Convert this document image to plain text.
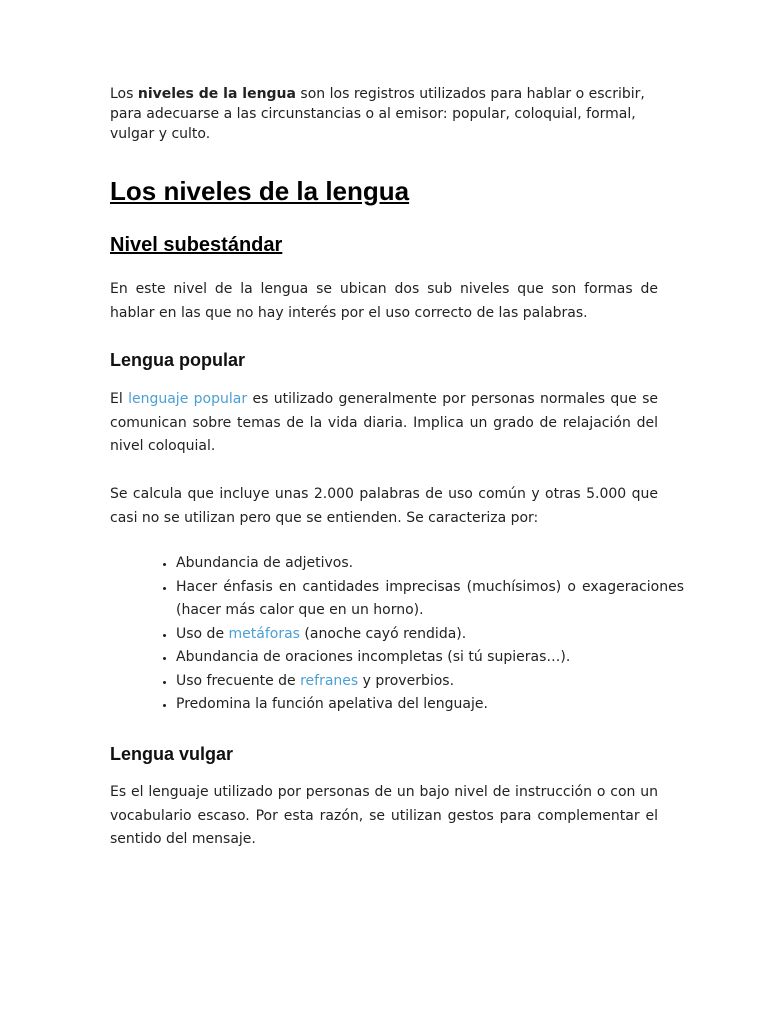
Los niveles de la lengua son los registros utilizados para hablar o escribir, para adecuarse a las circunstancias o al emisor: popular, coloquial, formal, vulgar y culto.

Los niveles de la lengua
Nivel subestándar

En este nivel de la lengua se ubican dos sub niveles que son formas de hablar en las que no hay interés por el uso correcto de las palabras.

Lengua popular

El lenguaje popular es utilizado generalmente por personas normales que se comunican sobre temas de la vida diaria. Implica un grado de relajación del nivel coloquial.

Se calcula que incluye unas 2.000 palabras de uso común y otras 5.000 que casi no se utilizan pero que se entienden. Se caracteriza por:

• Abundancia de adjetivos.
• Hacer énfasis en cantidades imprecisas (muchísimos) o exageraciones (hacer más calor que en un horno).
• Uso de metáforas (anoche cayó rendida).
• Abundancia de oraciones incompletas (si tú supieras…).
• Uso frecuente de refranes y proverbios.
• Predomina la función apelativa del lenguaje.
Lengua vulgar

Es el lenguaje utilizado por personas de un bajo nivel de instrucción o con un vocabulario escaso. Por esta razón, se utilizan gestos para complementar el sentido del mensaje.
